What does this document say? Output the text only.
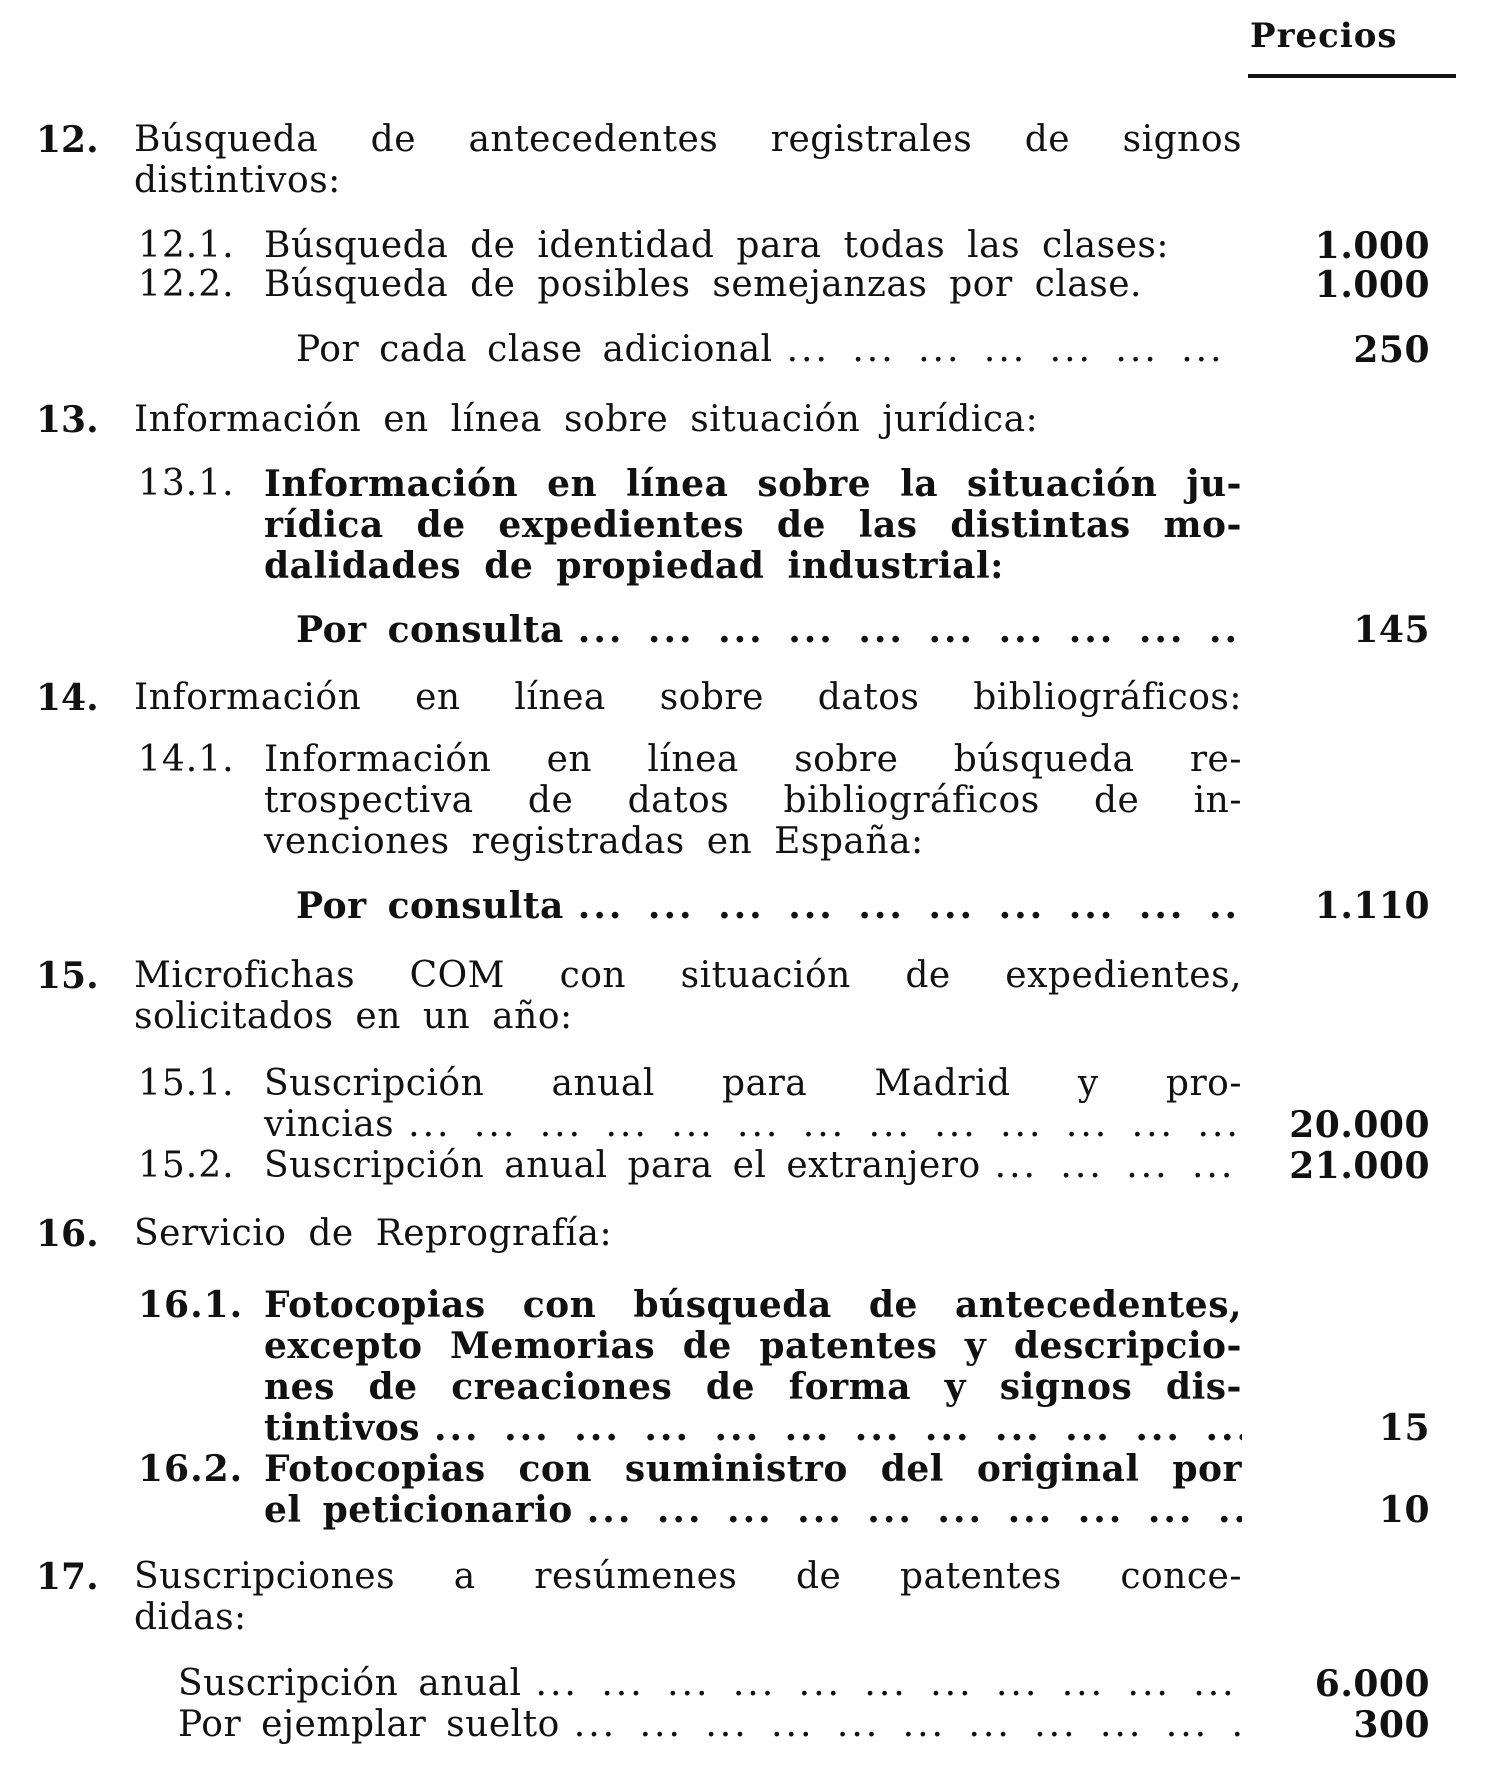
Precios
12. Búsqueda de antecedentes registrales de signos
distintivos:
12.1. Búsqueda de identidad para todas las clases:	1.000
12.2. Búsqueda de posibles semejanzas por clase.	1.000
Por cada clase adicional ... .	250
13. Información en línea sobre situación jurídica:
13.1. Información en línea sobre la situación ju-
rídica de expedientes de las distintas mo-
dalidades de propiedad industrial:
Por consulta ... .	145
14. Información en línea sobre datos bibliográficos:
14.1. Información en línea sobre búsqueda re-
trospectiva de datos bibliográficos de in-
venciones registradas en España:
Por consulta ... .	1.110
15. Microfichas COM con situación de expedientes,
solicitados en un año:
15.1. Suscripción anual para Madrid y pro-
vincias ... .	20.000
15.2. Suscripción anual para el extranjero ... .	21.000
16. Servicio de Reprografía:
16.1. Fotocopias con búsqueda de antecedentes,
excepto Memorias de patentes y descripcio-
nes de creaciones de forma y signos dis-
tintivos ... .	15
16.2. Fotocopias con suministro del original por
el peticionario ... .	10
17. Suscripciones a resúmenes de patentes conce-
didas:
Suscripción anual ... .	6.000
Por ejemplar suelto ... .	300
